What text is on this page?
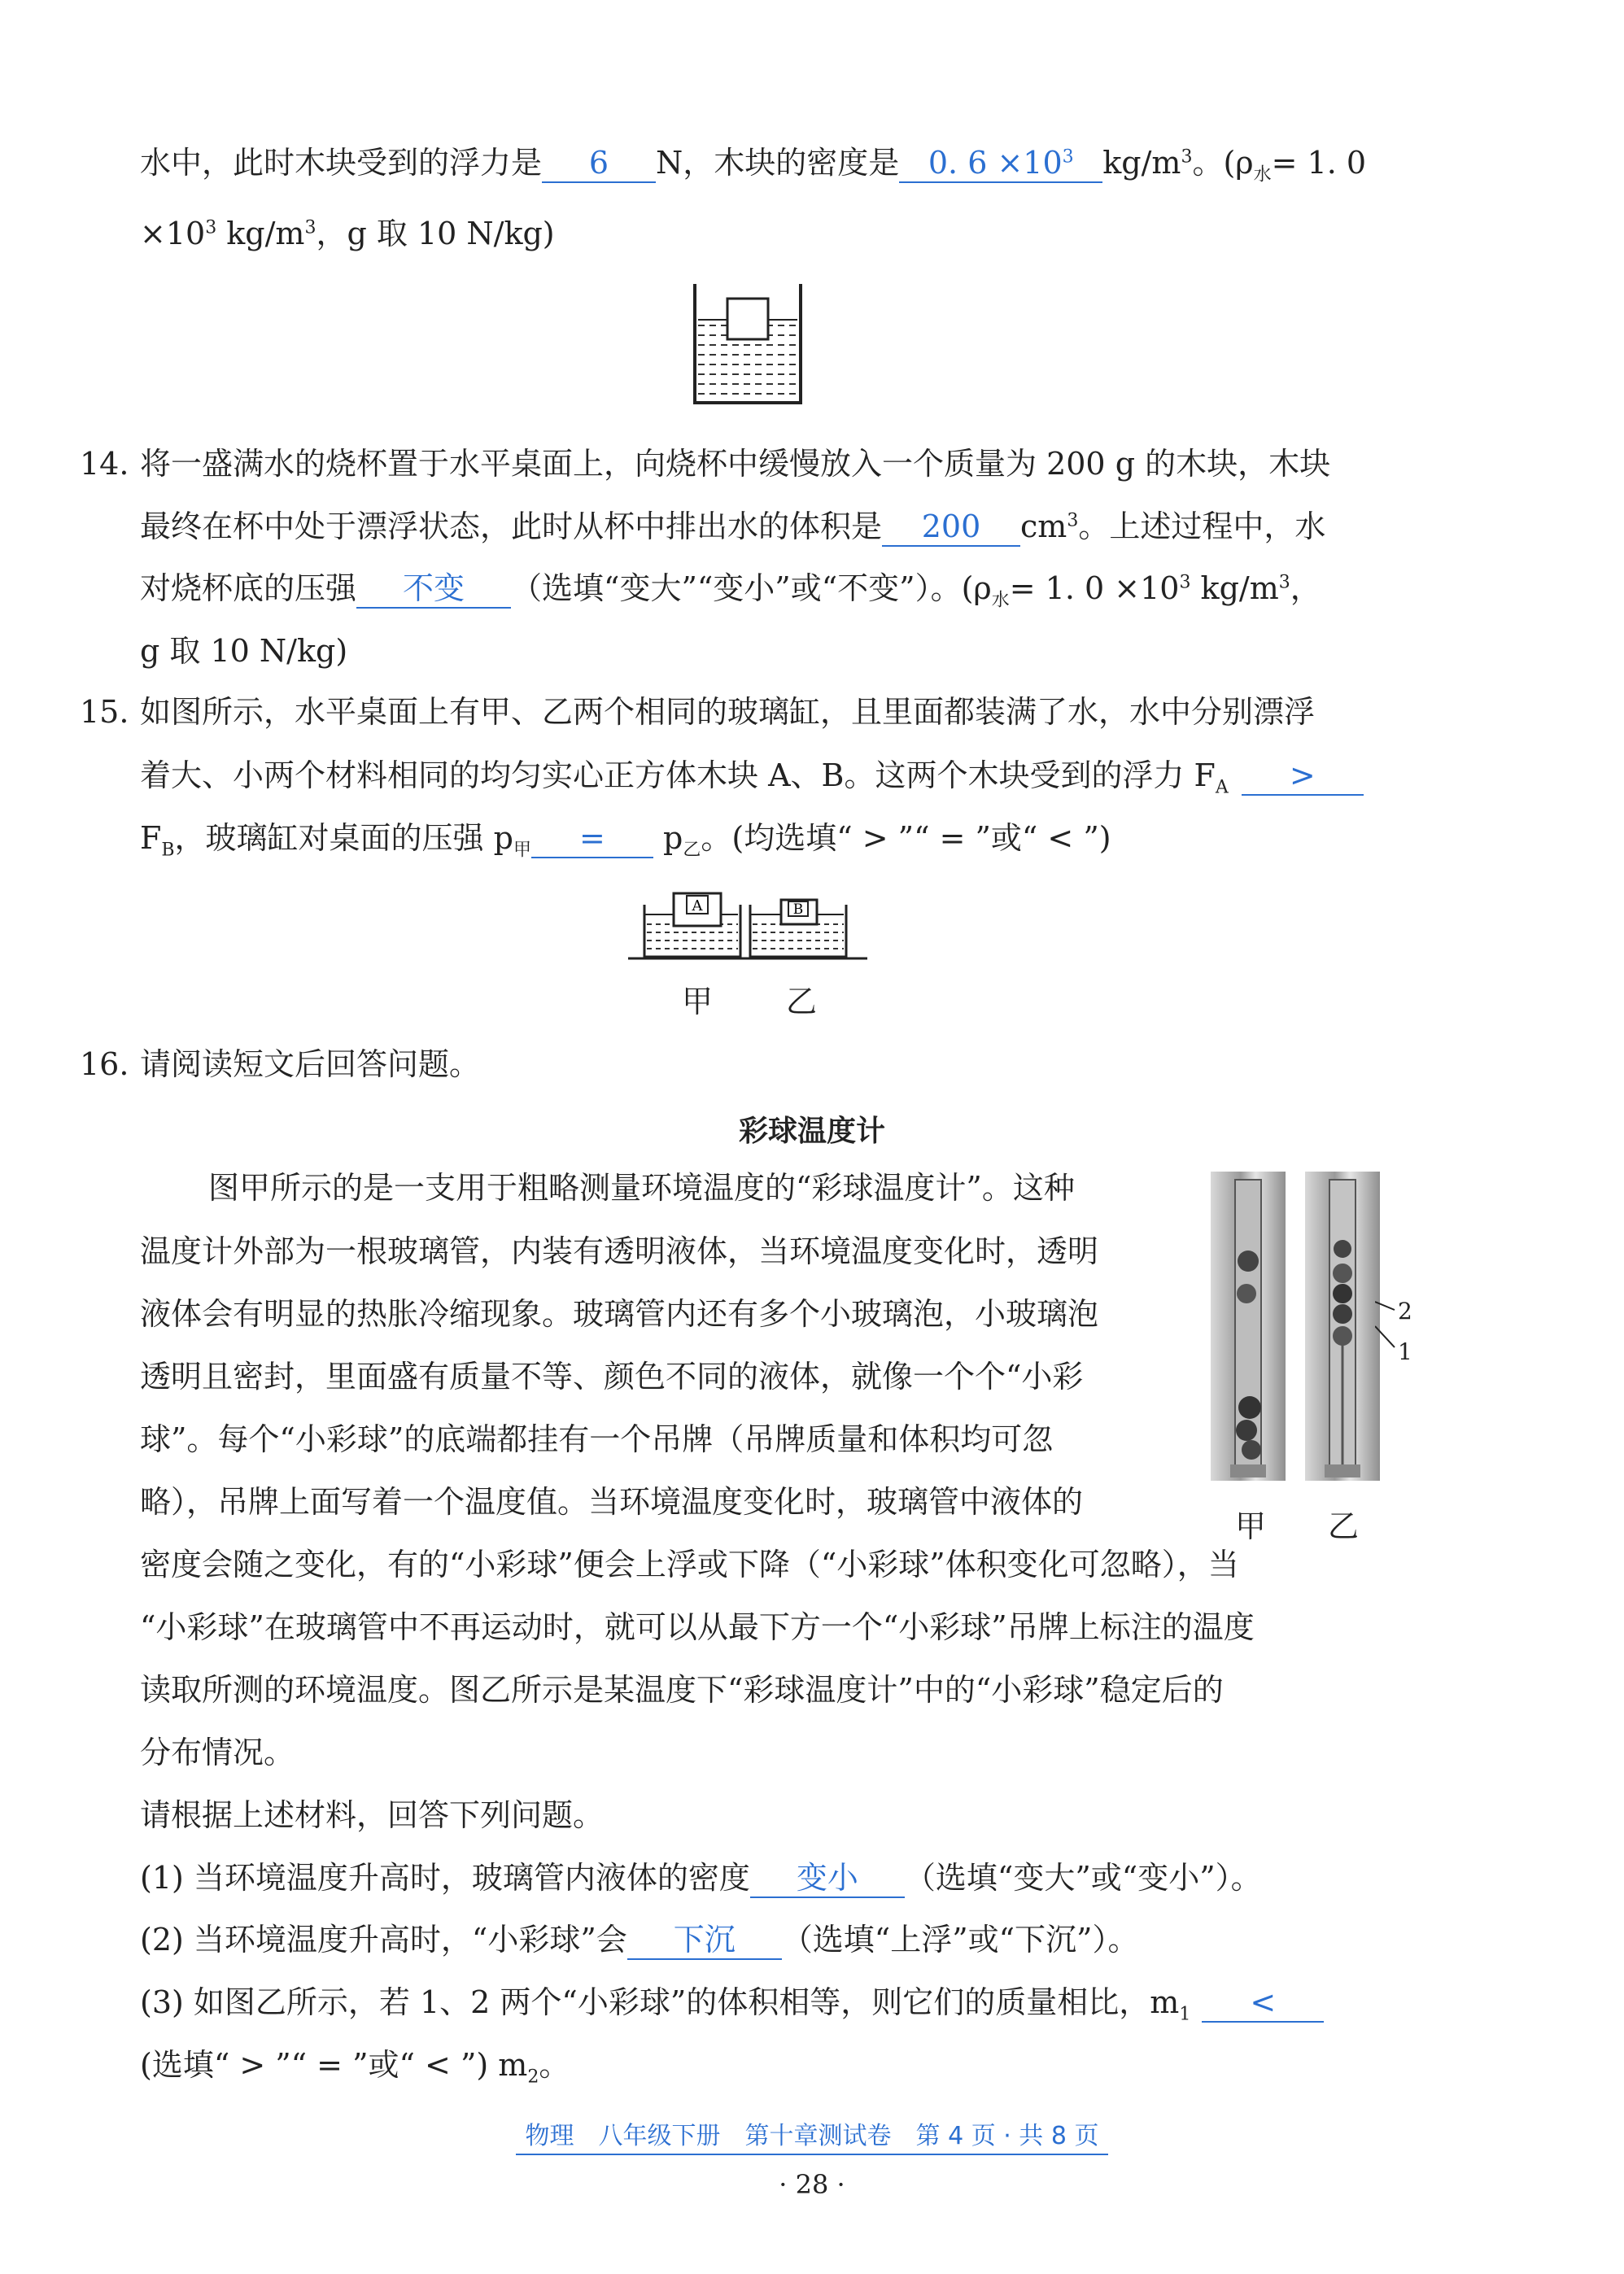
水中，此时木块受到的浮力是 6 N，木块的密度是 0. $6 \times 10^3$ $kg/m^3$。($\rho_水= 1$. 0
$\times 10^3$ $kg/m^3$，g 取 10 N/kg)
14. 将一盛满水的烧杯置于水平桌面上，向烧杯中缓慢放入一个质量为 200 g 的木块，木块
最终在杯中处于漂浮状态，此时从杯中排出水的体积是 200 $cm^3$。上述过程中，水
对烧杯底的压强 不变 （选填“变大”“变小”或“不变”）。($\rho_水= 1$. $0 \times 10^3$ $kg/m^3$，
g 取 10 N/kg)
15. 如图所示，水平桌面上有甲、乙两个相同的玻璃缸，且里面都装满了水，水中分别漂浮
着大、小两个材料相同的均匀实心正方体木块 A、B。这两个木块受到的浮力 $F_A$ >
$F_B$，玻璃缸对桌面的压强 $p_甲 = p_乙$。(均选填“ > ”“ = ”或“ < ”)
A	B
甲 乙
16. 请阅读短文后回答问题。
彩球温度计
图甲所示的是一支用于粗略测量环境温度的“彩球温度计”。这种
温度计外部为一根玻璃管，内装有透明液体，当环境温度变化时，透明
液体会有明显的热胀冷缩现象。玻璃管内还有多个小玻璃泡，小玻璃泡
透明且密封，里面盛有质量不等、颜色不同的液体，就像一个个“小彩
球”。每个“小彩球”的底端都挂有一个吊牌（吊牌质量和体积均可忽
略），吊牌上面写着一个温度值。当环境温度变化时，玻璃管中液体的
密度会随之变化，有的“小彩球”便会上浮或下降（“小彩球”体积变化可忽略），当
“小彩球”在玻璃管中不再运动时，就可以从最下方一个“小彩球”吊牌上标注的温度
读取所测的环境温度。图乙所示是某温度下“彩球温度计”中的“小彩球”稳定后的
分布情况。
2
1
甲 乙
请根据上述材料，回答下列问题。
(1) 当环境温度升高时，玻璃管内液体的密度 变小 （选填“变大”或“变小”）。
(2) 当环境温度升高时，“小彩球”会 下沉 （选填“上浮”或“下沉”）。
(3) 如图乙所示，若 1、2 两个“小彩球”的体积相等，则它们的质量相比，$m_1$ <
(选填“ > ”“ = ”或“ < ”) $m_2$。
物理　八年级下册　第十章测试卷　第 4 页 · 共 8 页
· 28 ·
